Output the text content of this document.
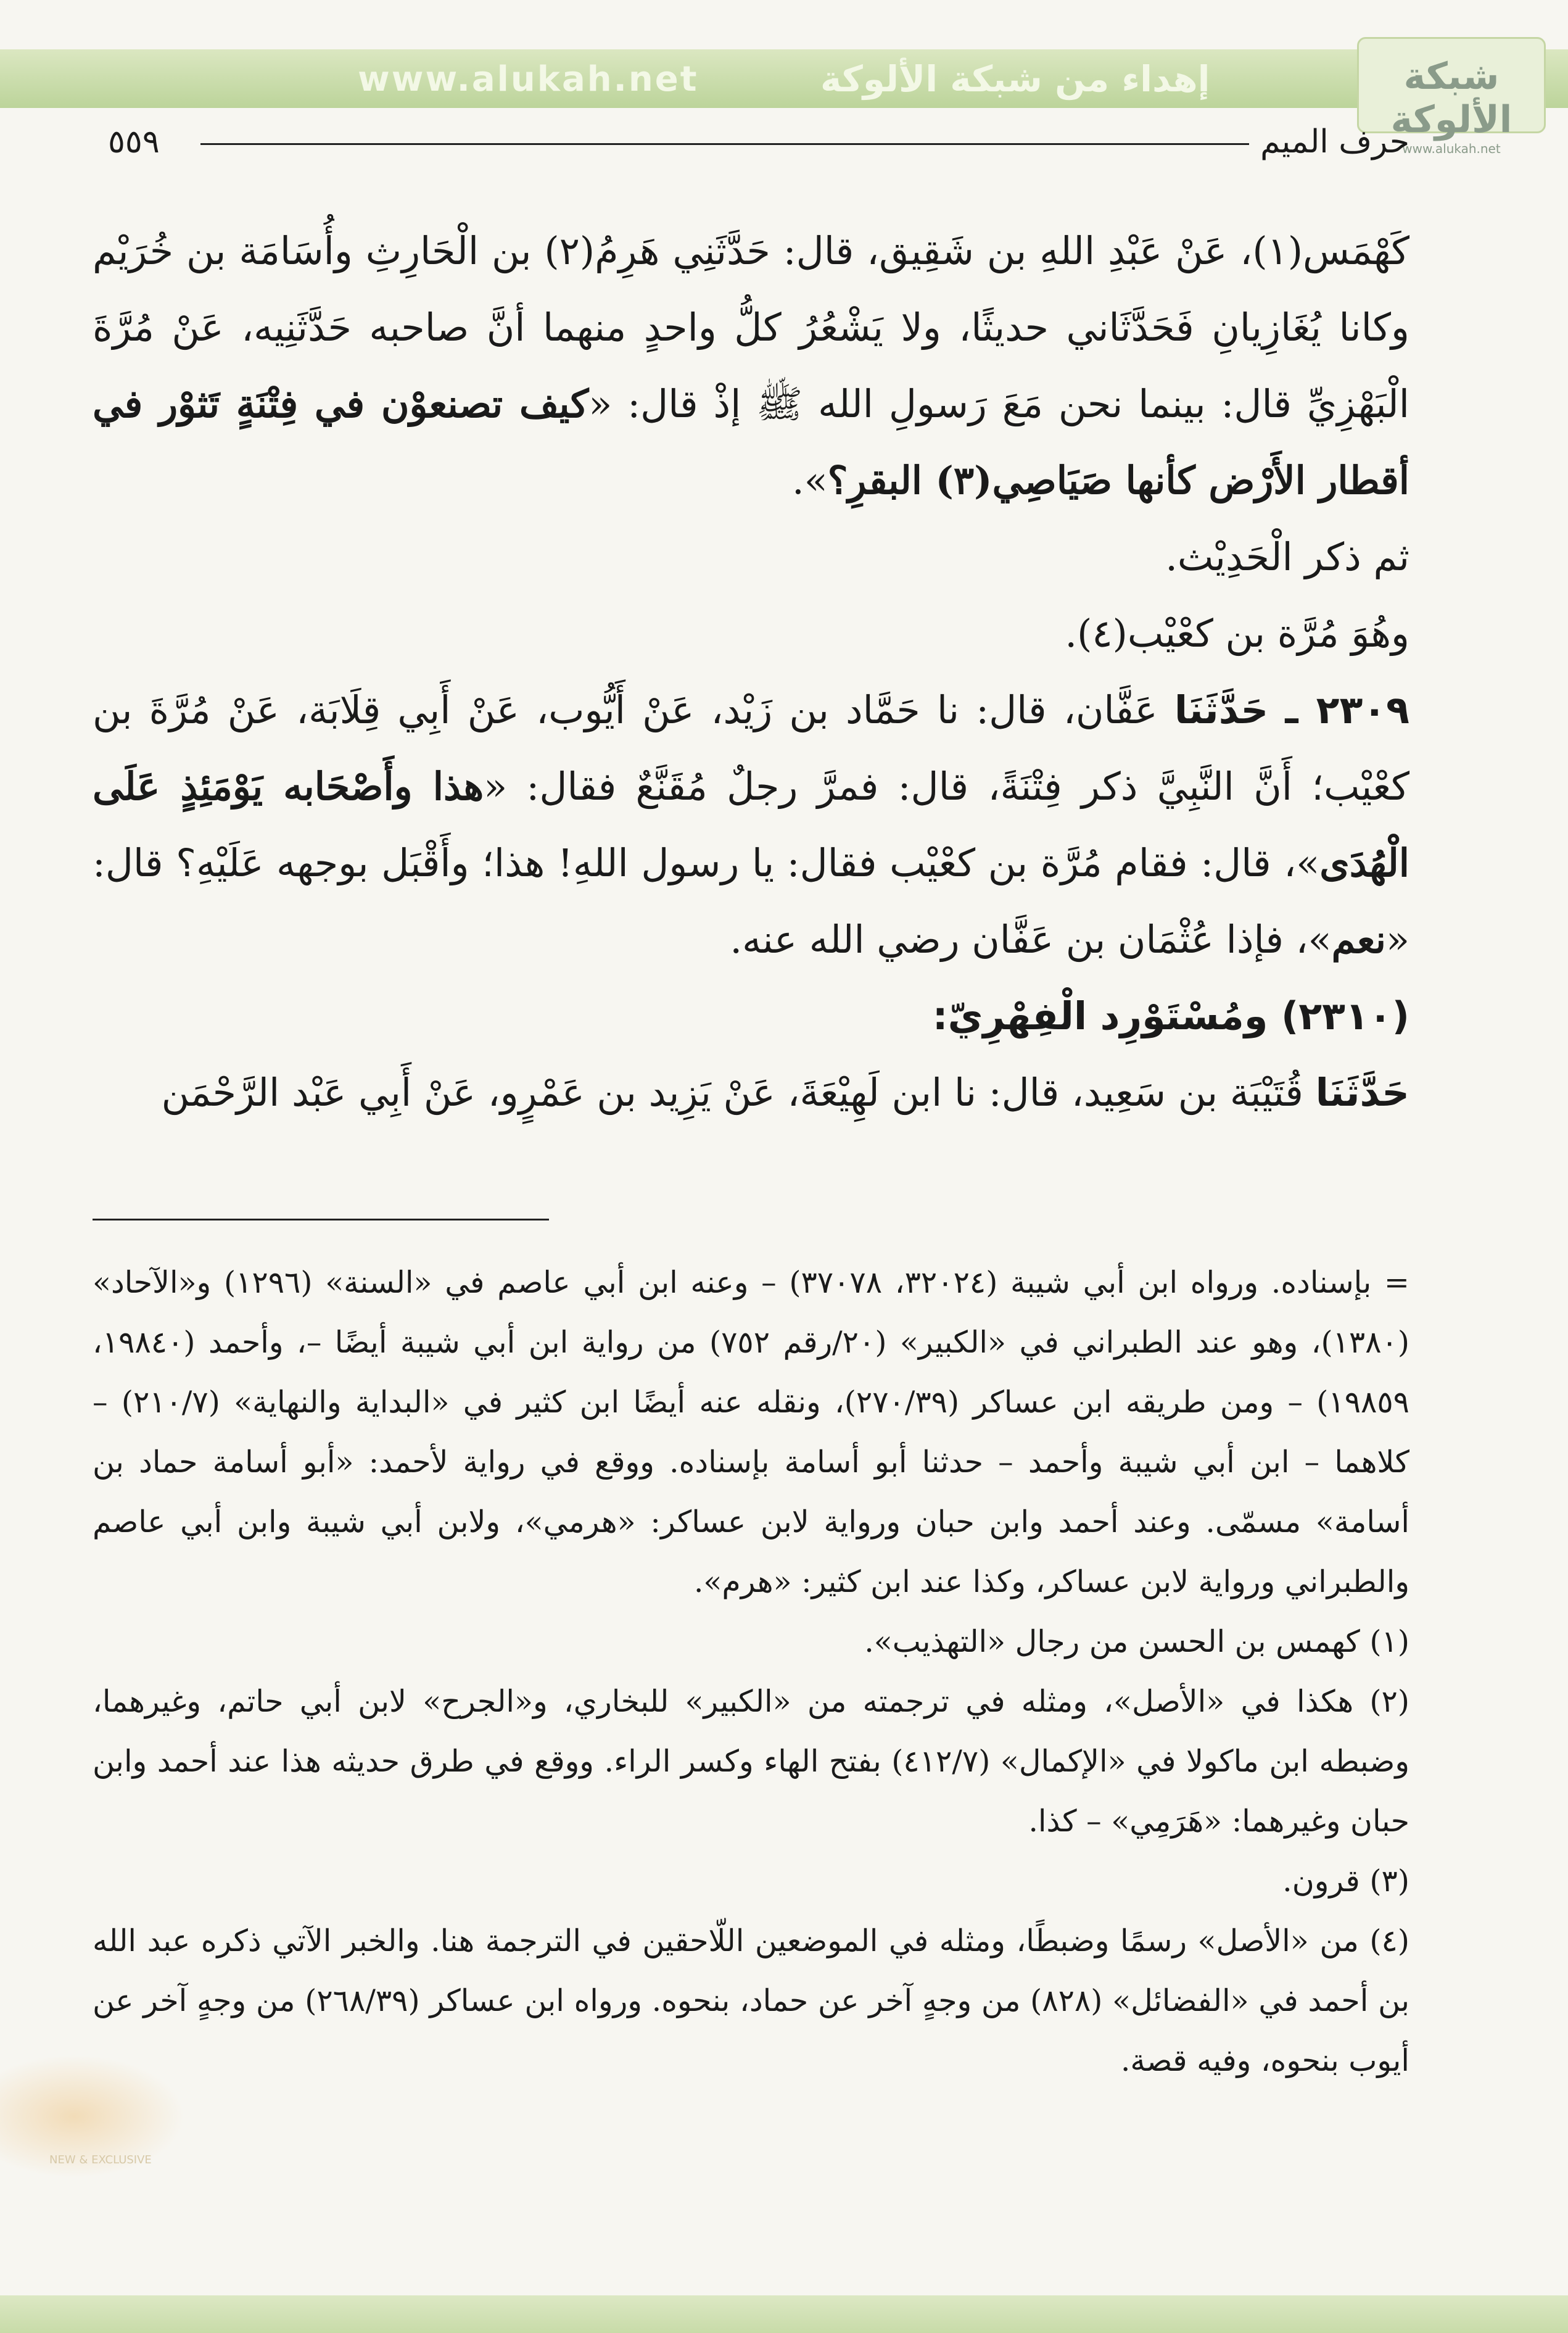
www.alukah.net	إهداء من شبكة الألوكة	شبكة الألوكة
www.alukah.net
٥٥٩	حرف الميم

كَهْمَس(١)، عَنْ عَبْدِ اللهِ بن شَقِيق، قال: حَدَّثَنِي هَرِمُ(٢) بن الْحَارِثِ وأُسَامَة بن خُرَيْم وكانا يُغَازِيانِ فَحَدَّثَاني حديثًا، ولا يَشْعُرُ كلُّ واحدٍ منهما أنَّ صاحبه حَدَّثَنِيه، عَنْ مُرَّةَ الْبَهْزِيِّ قال: بينما نحن مَعَ رَسولِ الله ﷺ إذْ قال: «كيف تصنعوْن في فِتْنَةٍ تَثوْر في أقطار الأَرْض كأنها صَيَاصِي(٣) البقرِ؟».

ثم ذكر الْحَدِيْث.

وهُوَ مُرَّة بن كعْيْب(٤).

٢٣٠٩ ـ حَدَّثَنَا عَفَّان، قال: نا حَمَّاد بن زَيْد، عَنْ أَيُّوب، عَنْ أَبِي قِلَابَة، عَنْ مُرَّةَ بن كعْيْب؛ أَنَّ النَّبِيَّ ذكر فِتْنَةً، قال: فمرَّ رجلٌ مُقَنَّعٌ فقال: «هذا وأَصْحَابه يَوْمَئِذٍ عَلَى الْهُدَى»، قال: فقام مُرَّة بن كعْيْب فقال: يا رسول اللهِ! هذا؛ وأَقْبَل بوجهه عَلَيْهِ؟ قال: «نعم»، فإذا عُثْمَان بن عَفَّان رضي الله عنه.

(٢٣١٠) ومُسْتَوْرِد الْفِهْرِيّ:

حَدَّثَنَا قُتَيْبَة بن سَعِيد، قال: نا ابن لَهِيْعَةَ، عَنْ يَزِيد بن عَمْرٍو، عَنْ أَبِي عَبْد الرَّحْمَن

= بإسناده. ورواه ابن أبي شيبة (٣٢٠٢٤، ٣٧٠٧٨) – وعنه ابن أبي عاصم في «السنة» (١٢٩٦) و«الآحاد» (١٣٨٠)، وهو عند الطبراني في «الكبير» (٢٠/رقم ٧٥٢) من رواية ابن أبي شيبة أيضًا –، وأحمد (١٩٨٤٠، ١٩٨٥٩) – ومن طريقه ابن عساكر (٢٧٠/٣٩)، ونقله عنه أيضًا ابن كثير في «البداية والنهاية» (٢١٠/٧) – كلاهما – ابن أبي شيبة وأحمد – حدثنا أبو أسامة بإسناده. ووقع في رواية لأحمد: «أبو أسامة حماد بن أسامة» مسمّى. وعند أحمد وابن حبان ورواية لابن عساكر: «هرمي»، ولابن أبي شيبة وابن أبي عاصم والطبراني ورواية لابن عساكر، وكذا عند ابن كثير: «هرم».

(١) كهمس بن الحسن من رجال «التهذيب».

(٢) هكذا في «الأصل»، ومثله في ترجمته من «الكبير» للبخاري، و«الجرح» لابن أبي حاتم، وغيرهما، وضبطه ابن ماكولا في «الإكمال» (٤١٢/٧) بفتح الهاء وكسر الراء. ووقع في طرق حديثه هذا عند أحمد وابن حبان وغيرهما: «هَرَمِي» – كذا.

(٣) قرون.

(٤) من «الأصل» رسمًا وضبطًا، ومثله في الموضعين اللّاحقين في الترجمة هنا. والخبر الآتي ذكره عبد الله بن أحمد في «الفضائل» (٨٢٨) من وجهٍ آخر عن حماد، بنحوه. ورواه ابن عساكر (٢٦٨/٣٩) من وجهٍ آخر عن أيوب بنحوه، وفيه قصة.

NEW & EXCLUSIVE
